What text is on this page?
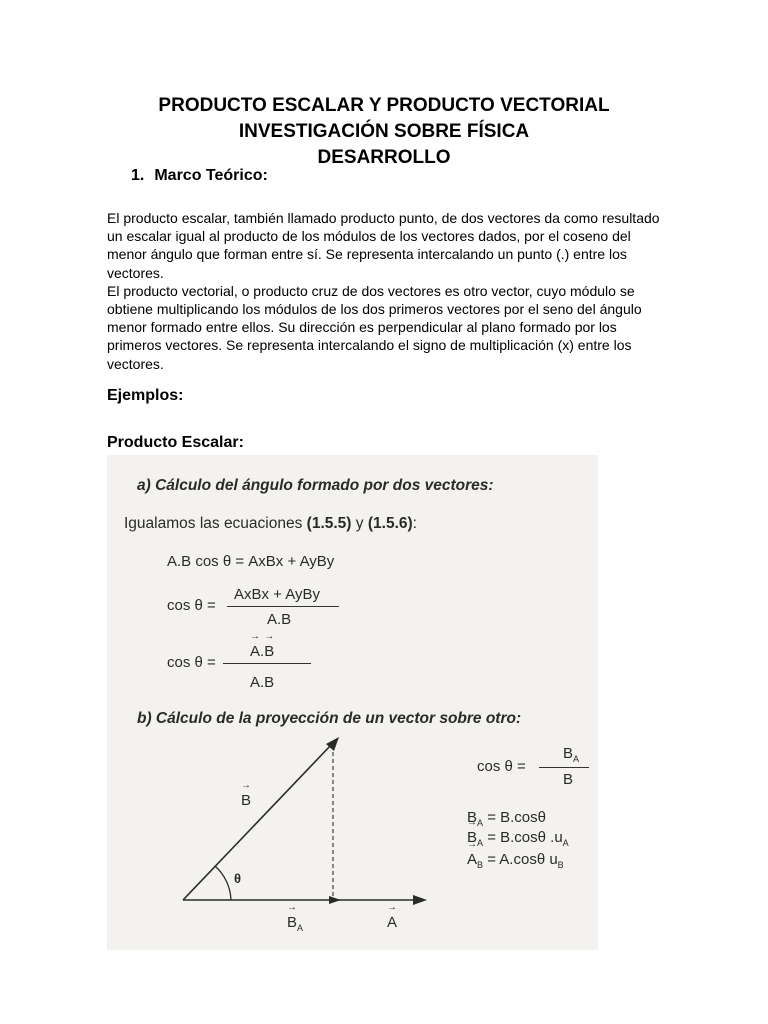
PRODUCTO ESCALAR Y PRODUCTO VECTORIAL
INVESTIGACIÓN SOBRE FÍSICA
DESARROLLO
1. Marco Teórico:

El producto escalar, también llamado producto punto, de dos vectores da como resultado un escalar igual al producto de los módulos de los vectores dados, por el coseno del menor ángulo que forman entre sí. Se representa intercalando un punto (.) entre los vectores.

El producto vectorial, o producto cruz de dos vectores es otro vector, cuyo módulo se obtiene multiplicando los módulos de los dos primeros vectores por el seno del ángulo menor formado entre ellos. Su dirección es perpendicular al plano formado por los primeros vectores. Se representa intercalando el signo de multiplicación (x) entre los vectores.

Ejemplos:
Producto Escalar:
a) Cálculo del ángulo formado por dos vectores:
Igualamos las ecuaciones (1.5.5) y (1.5.6):
A.B cos θ = AxBx + AyBy
cos θ =
AxBx + AyBy
A.B
cos θ =
→ A.→ B
A.B
b) Cálculo de la proyección de un vector sobre otro:
→ B
θ
→ $B_A$
→	A
cos θ =
$B_A$
B
$B_A = B.\cos\theta$
→ $B_A = B.\cos\theta$ $.u_A$
→ $A_B = A.\cos\theta$ $u_B$
